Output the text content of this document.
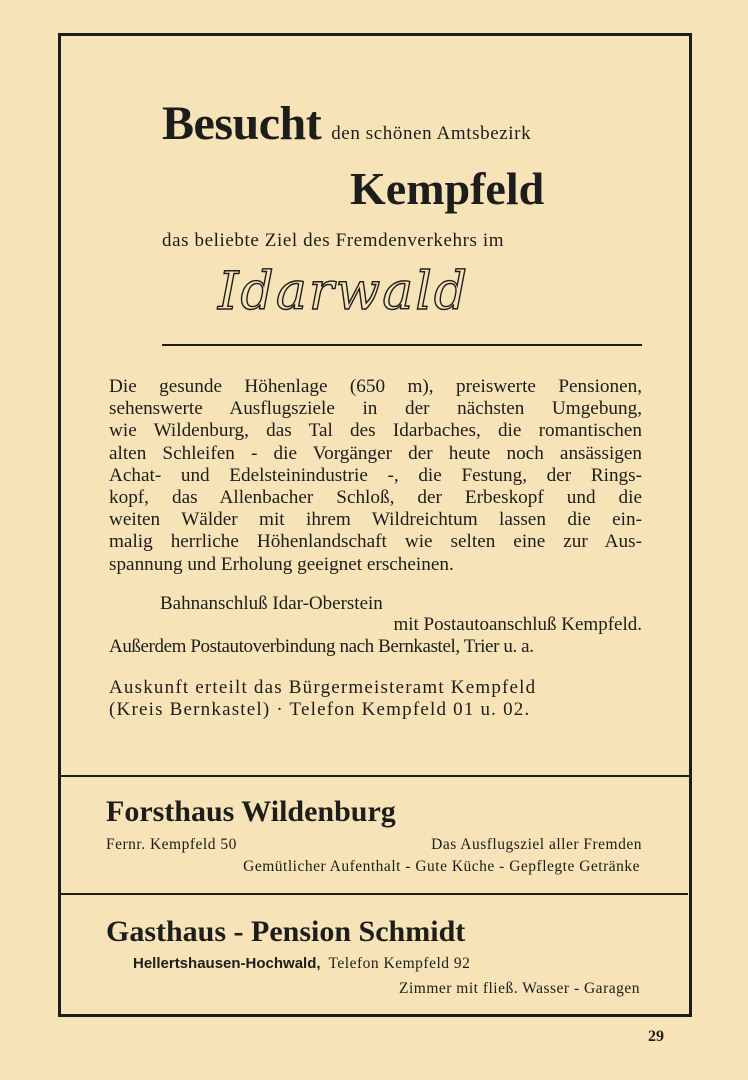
Besucht den schönen Amtsbezirk
Kempfeld
das beliebte Ziel des Fremdenverkehrs im
Idarwald
Die gesunde Höhenlage (650 m), preiswerte Pensionen,
sehenswerte Ausflugsziele in der nächsten Umgebung,
wie Wildenburg, das Tal des Idarbaches, die romantischen
alten Schleifen - die Vorgänger der heute noch ansässigen
Achat- und Edelsteinindustrie -, die Festung, der Rings-
kopf, das Allenbacher Schloß, der Erbeskopf und die
weiten Wälder mit ihrem Wildreichtum lassen die ein-
malig herrliche Höhenlandschaft wie selten eine zur Aus-
spannung und Erholung geeignet erscheinen.
Bahnanschluß Idar-Oberstein
mit Postautoanschluß Kempfeld.
Außerdem Postautoverbindung nach Bernkastel, Trier u. a.
Auskunft erteilt das Bürgermeisteramt Kempfeld
(Kreis Bernkastel) · Telefon Kempfeld 01 u. 02.
Forsthaus Wildenburg
Fernr. Kempfeld 50	Das Ausflugsziel aller Fremden
Gemütlicher Aufenthalt - Gute Küche - Gepflegte Getränke
Gasthaus - Pension Schmidt
Hellertshausen-Hochwald, Telefon Kempfeld 92
Zimmer mit fließ. Wasser - Garagen
29
